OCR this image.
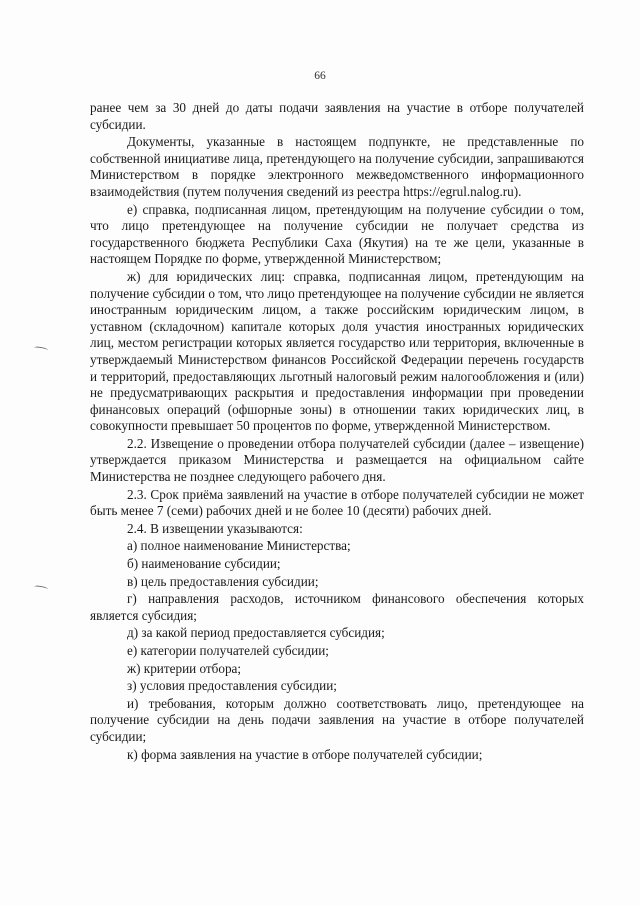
66

ранее чем за 30 дней до даты подачи заявления на участие в отборе получателей субсидии.

Документы, указанные в настоящем подпункте, не представленные по собственной инициативе лица, претендующего на получение субсидии, запрашиваются Министерством в порядке электронного межведомственного информационного взаимодействия (путем получения сведений из реестра https://egrul.nalog.ru).

е) справка, подписанная лицом, претендующим на получение субсидии о том, что лицо претендующее на получение субсидии не получает средства из государственного бюджета Республики Саха (Якутия) на те же цели, указанные в настоящем Порядке по форме, утвержденной Министерством;

ж) для юридических лиц: справка, подписанная лицом, претендующим на получение субсидии о том, что лицо претендующее на получение субсидии не является иностранным юридическим лицом, а также российским юридическим лицом, в уставном (складочном) капитале которых доля участия иностранных юридических лиц, местом регистрации которых является государство или территория, включенные в утверждаемый Министерством финансов Российской Федерации перечень государств и территорий, предоставляющих льготный налоговый режим налогообложения и (или) не предусматривающих раскрытия и предоставления информации при проведении финансовых операций (офшорные зоны) в отношении таких юридических лиц, в совокупности превышает 50 процентов по форме, утвержденной Министерством.

2.2. Извещение о проведении отбора получателей субсидии (далее – извещение) утверждается приказом Министерства и размещается на официальном сайте Министерства не позднее следующего рабочего дня.

2.3. Срок приёма заявлений на участие в отборе получателей субсидии не может быть менее 7 (семи) рабочих дней и не более 10 (десяти) рабочих дней.

2.4. В извещении указываются:

а) полное наименование Министерства;

б) наименование субсидии;

в) цель предоставления субсидии;

г) направления расходов, источником финансового обеспечения которых является субсидия;

д) за какой период предоставляется субсидия;

е) категории получателей субсидии;

ж) критерии отбора;

з) условия предоставления субсидии;

и) требования, которым должно соответствовать лицо, претендующее на получение субсидии на день подачи заявления на участие в отборе получателей субсидии;

к) форма заявления на участие в отборе получателей субсидии;
